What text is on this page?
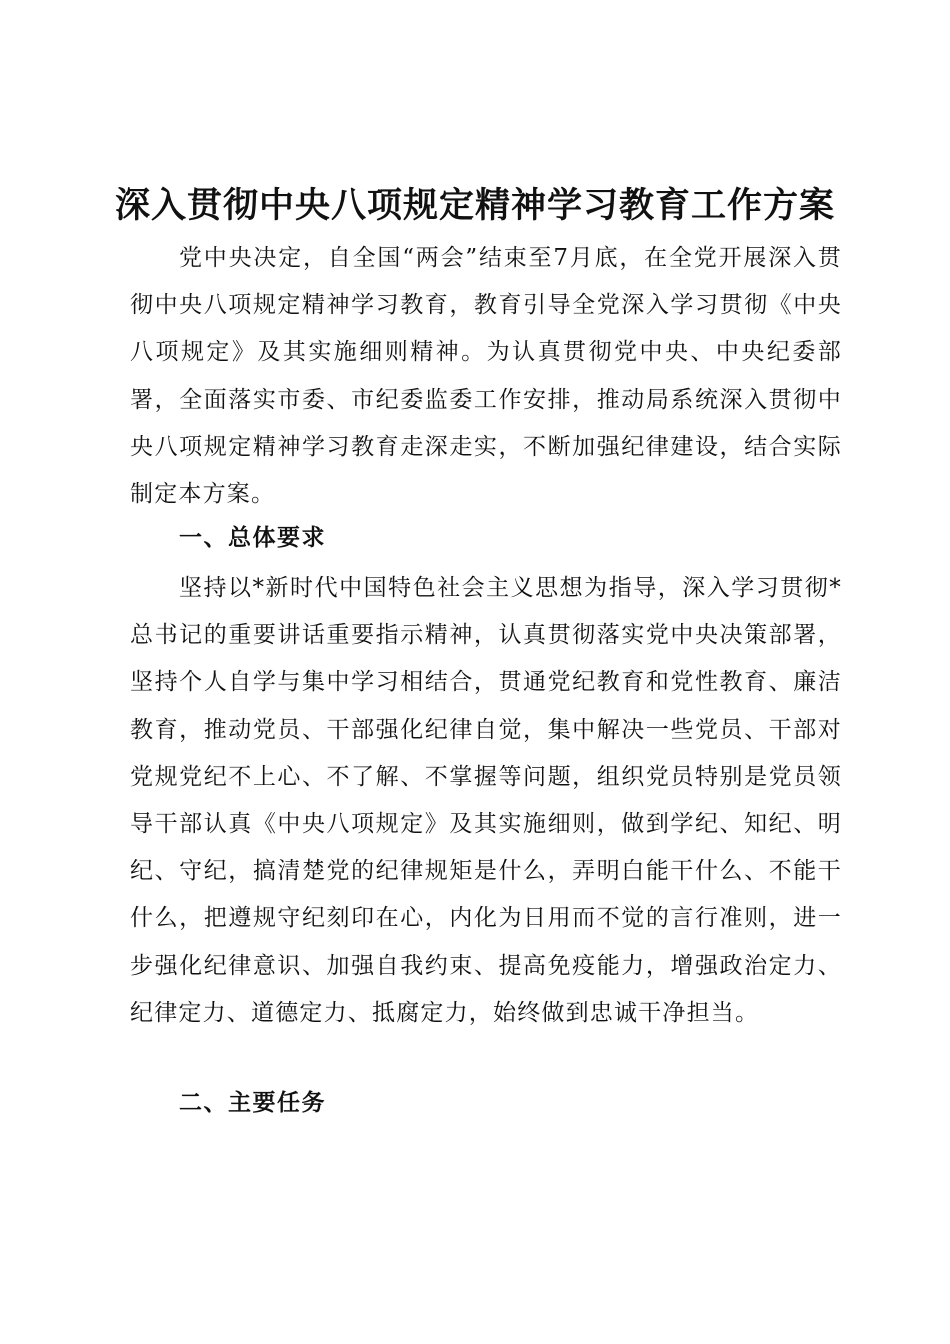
深入贯彻中央八项规定精神学习教育工作方案

党中央决定，自全国“两会”结束至7月底，在全党开展深入贯彻中央八项规定精神学习教育，教育引导全党深入学习贯彻《中央八项规定》及其实施细则精神。为认真贯彻党中央、中央纪委部署，全面落实市委、市纪委监委工作安排，推动局系统深入贯彻中央八项规定精神学习教育走深走实，不断加强纪律建设，结合实际制定本方案。

一、总体要求

坚持以*新时代中国特色社会主义思想为指导，深入学习贯彻*总书记的重要讲话重要指示精神，认真贯彻落实党中央决策部署，坚持个人自学与集中学习相结合，贯通党纪教育和党性教育、廉洁教育，推动党员、干部强化纪律自觉，集中解决一些党员、干部对党规党纪不上心、不了解、不掌握等问题，组织党员特别是党员领导干部认真《中央八项规定》及其实施细则，做到学纪、知纪、明纪、守纪，搞清楚党的纪律规矩是什么，弄明白能干什么、不能干什么，把遵规守纪刻印在心，内化为日用而不觉的言行准则，进一步强化纪律意识、加强自我约束、提高免疫能力，增强政治定力、纪律定力、道德定力、抵腐定力，始终做到忠诚干净担当。

二、主要任务
